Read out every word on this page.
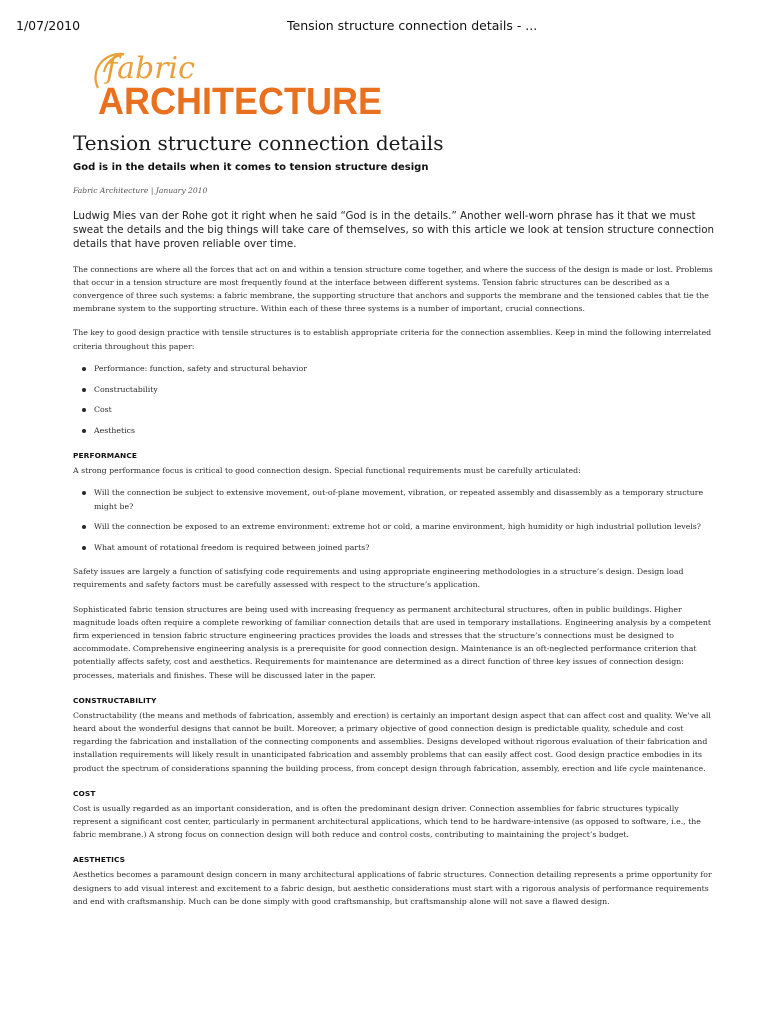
1/07/2010	Tension structure connection details - ...
fabric
ARCHITECTURE
Tension structure connection details

God is in the details when it comes to tension structure design

Fabric Architecture | January 2010

Ludwig Mies van der Rohe got it right when he said “God is in the details.” Another well-worn phrase has it that we must sweat the details and the big things will take care of themselves, so with this article we look at tension structure connection details that have proven reliable over time.

The connections are where all the forces that act on and within a tension structure come together, and where the success of the design is made or lost. Problems that occur in a tension structure are most frequently found at the interface between different systems. Tension fabric structures can be described as a convergence of three such systems: a fabric membrane, the supporting structure that anchors and supports the membrane and the tensioned cables that tie the membrane system to the supporting structure. Within each of these three systems is a number of important, crucial connections.

The key to good design practice with tensile structures is to establish appropriate criteria for the connection assemblies. Keep in mind the following interrelated criteria throughout this paper:

Performance: function, safety and structural behavior
Constructability
Cost
Aesthetics
PERFORMANCE

A strong performance focus is critical to good connection design. Special functional requirements must be carefully articulated:

Will the connection be subject to extensive movement, out-of-plane movement, vibration, or repeated assembly and disassembly as a temporary structure might be?
Will the connection be exposed to an extreme environment: extreme hot or cold, a marine environment, high humidity or high industrial pollution levels?
What amount of rotational freedom is required between joined parts?

Safety issues are largely a function of satisfying code requirements and using appropriate engineering methodologies in a structure’s design. Design load requirements and safety factors must be carefully assessed with respect to the structure’s application.

Sophisticated fabric tension structures are being used with increasing frequency as permanent architectural structures, often in public buildings. Higher magnitude loads often require a complete reworking of familiar connection details that are used in temporary installations. Engineering analysis by a competent firm experienced in tension fabric structure engineering practices provides the loads and stresses that the structure’s connections must be designed to accommodate. Comprehensive engineering analysis is a prerequisite for good connection design. Maintenance is an oft-neglected performance criterion that potentially affects safety, cost and aesthetics. Requirements for maintenance are determined as a direct function of three key issues of connection design: processes, materials and finishes. These will be discussed later in the paper.

CONSTRUCTABILITY

Constructability (the means and methods of fabrication, assembly and erection) is certainly an important design aspect that can affect cost and quality. We’ve all heard about the wonderful designs that cannot be built. Moreover, a primary objective of good connection design is predictable quality, schedule and cost regarding the fabrication and installation of the connecting components and assemblies. Designs developed without rigorous evaluation of their fabrication and installation requirements will likely result in unanticipated fabrication and assembly problems that can easily affect cost. Good design practice embodies in its product the spectrum of considerations spanning the building process, from concept design through fabrication, assembly, erection and life cycle maintenance.

COST

Cost is usually regarded as an important consideration, and is often the predominant design driver. Connection assemblies for fabric structures typically represent a significant cost center, particularly in permanent architectural applications, which tend to be hardware-intensive (as opposed to software, i.e., the fabric membrane.) A strong focus on connection design will both reduce and control costs, contributing to maintaining the project’s budget.

AESTHETICS

Aesthetics becomes a paramount design concern in many architectural applications of fabric structures. Connection detailing represents a prime opportunity for designers to add visual interest and excitement to a fabric design, but aesthetic considerations must start with a rigorous analysis of performance requirements and end with craftsmanship. Much can be done simply with good craftsmanship, but craftsmanship alone will not save a flawed design.
